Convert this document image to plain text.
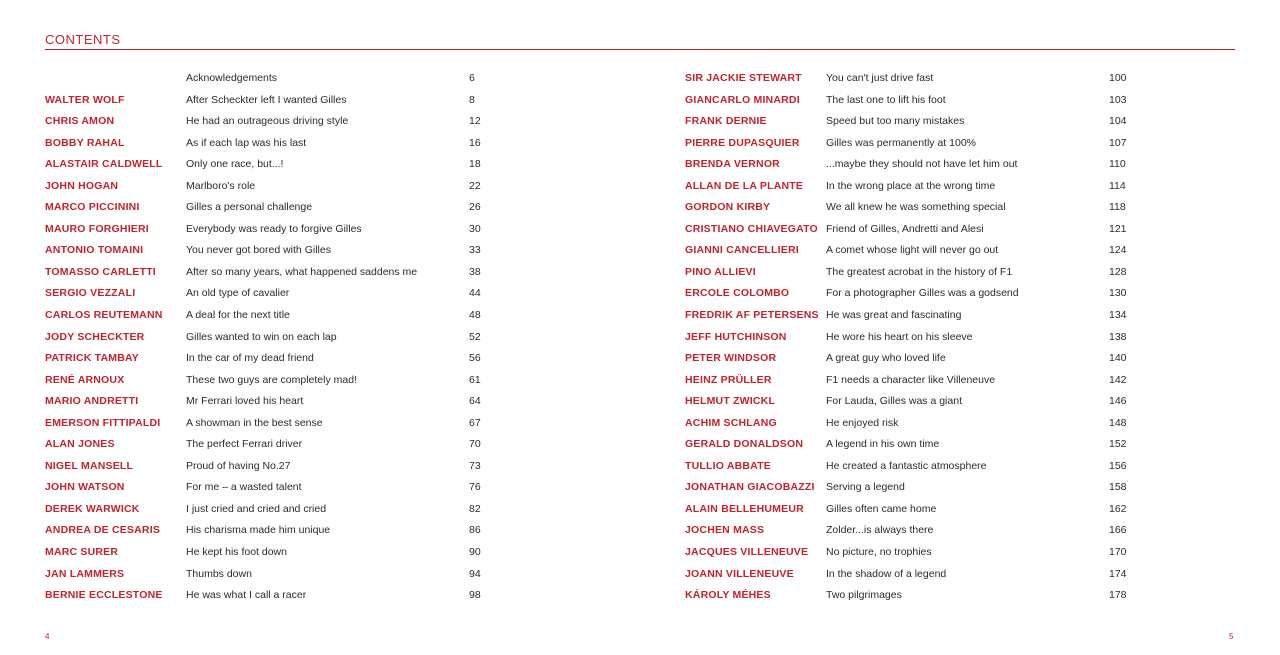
CONTENTS
Acknowledgements	6
WALTER WOLF	After Scheckter left I wanted Gilles	8
CHRIS AMON	He had an outrageous driving style	12
BOBBY RAHAL	As if each lap was his last	16
ALASTAIR CALDWELL Only one race, but...!	18
JOHN HOGAN	Marlboro's role	22
MARCO PICCININI	Gilles a personal challenge	26
MAURO FORGHIERI	Everybody was ready to forgive Gilles	30
ANTONIO TOMAINI	You never got bored with Gilles	33
TOMASSO CARLETTI	After so many years, what happened saddens me	38
SERGIO VEZZALI	An old type of cavalier	44
CARLOS REUTEMANN A deal for the next title	48
JODY SCHECKTER	Gilles wanted to win on each lap	52
PATRICK TAMBAY	In the car of my dead friend	56
RENÉ ARNOUX	These two guys are completely mad!	61
MARIO ANDRETTI	Mr Ferrari loved his heart	64
EMERSON FITTIPALDI A showman in the best sense	67
ALAN JONES	The perfect Ferrari driver	70
NIGEL MANSELL	Proud of having No.27	73
JOHN WATSON	For me – a wasted talent	76
DEREK WARWICK	I just cried and cried and cried	82
ANDREA DE CESARIS His charisma made him unique	86
MARC SURER	He kept his foot down	90
JAN LAMMERS	Thumbs down	94
BERNIE ECCLESTONE He was what I call a racer	98
SIR JACKIE STEWART You can't just drive fast	100
GIANCARLO MINARDI The last one to lift his foot	103
FRANK DERNIE	Speed but too many mistakes	104
PIERRE DUPASQUIER	Gilles was permanently at 100%	107
BRENDA VERNOR	...maybe they should not have let him out	110
ALLAN DE LA PLANTE In the wrong place at the wrong time	114
GORDON KIRBY	We all knew he was something special	118
CRISTIANO CHIAVEGATO Friend of Gilles, Andretti and Alesi	121
GIANNI CANCELLIERI	A comet whose light will never go out	124
PINO ALLIEVI	The greatest acrobat in the history of F1	128
ERCOLE COLOMBO	For a photographer Gilles was a godsend	130
FREDRIK AF PETERSENS He was great and fascinating	134
JEFF HUTCHINSON	He wore his heart on his sleeve	138
PETER WINDSOR	A great guy who loved life	140
HEINZ PRÜLLER	F1 needs a character like Villeneuve	142
HELMUT ZWICKL	For Lauda, Gilles was a giant	146
ACHIM SCHLANG	He enjoyed risk	148
GERALD DONALDSON A legend in his own time	152
TULLIO ABBATE	He created a fantastic atmosphere	156
JONATHAN GIACOBAZZI Serving a legend	158
ALAIN BELLEHUMEUR Gilles often came home	162
JOCHEN MASS	Zolder...is always there	166
JACQUES VILLENEUVE No picture, no trophies	170
JOANN VILLENEUVE	In the shadow of a legend	174
KÁROLY MÉHES	Two pilgrimages	178
4	5
